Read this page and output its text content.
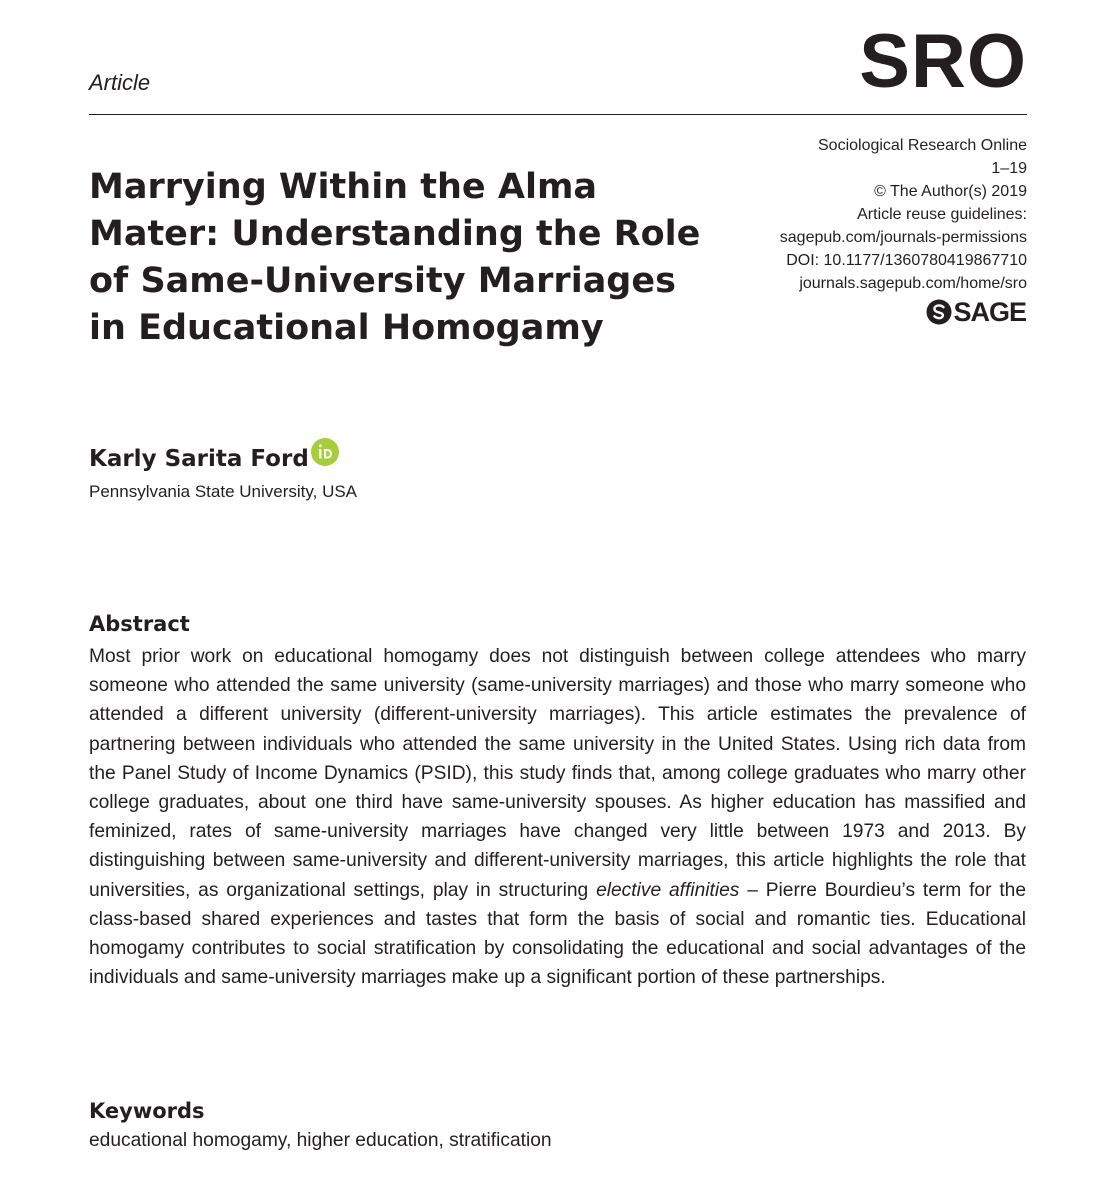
Article	SRO
Marrying Within the Alma Mater: Understanding the Role of Same-University Marriages in Educational Homogamy
Sociological Research Online
1–19
© The Author(s) 2019
Article reuse guidelines:
sagepub.com/journals-permissions
DOI: 10.1177/1360780419867710
journals.sagepub.com/home/sro
SAGE
Karly Sarita Ford
Pennsylvania State University, USA
Abstract

Most prior work on educational homogamy does not distinguish between college attendees who marry someone who attended the same university (same-university marriages) and those who marry someone who attended a different university (different-university marriages). This article estimates the prevalence of partnering between individuals who attended the same university in the United States. Using rich data from the Panel Study of Income Dynamics (PSID), this study finds that, among college graduates who marry other college graduates, about one third have same-university spouses. As higher education has massified and feminized, rates of same-university marriages have changed very little between 1973 and 2013. By distinguishing between same-university and different-university marriages, this article highlights the role that universities, as organizational settings, play in structuring elective affinities – Pierre Bourdieu’s term for the class-based shared experiences and tastes that form the basis of social and romantic ties. Educational homogamy contributes to social stratification by consolidating the educational and social advantages of the individuals and same-university marriages make up a significant portion of these partnerships.

Keywords
educational homogamy, higher education, stratification
